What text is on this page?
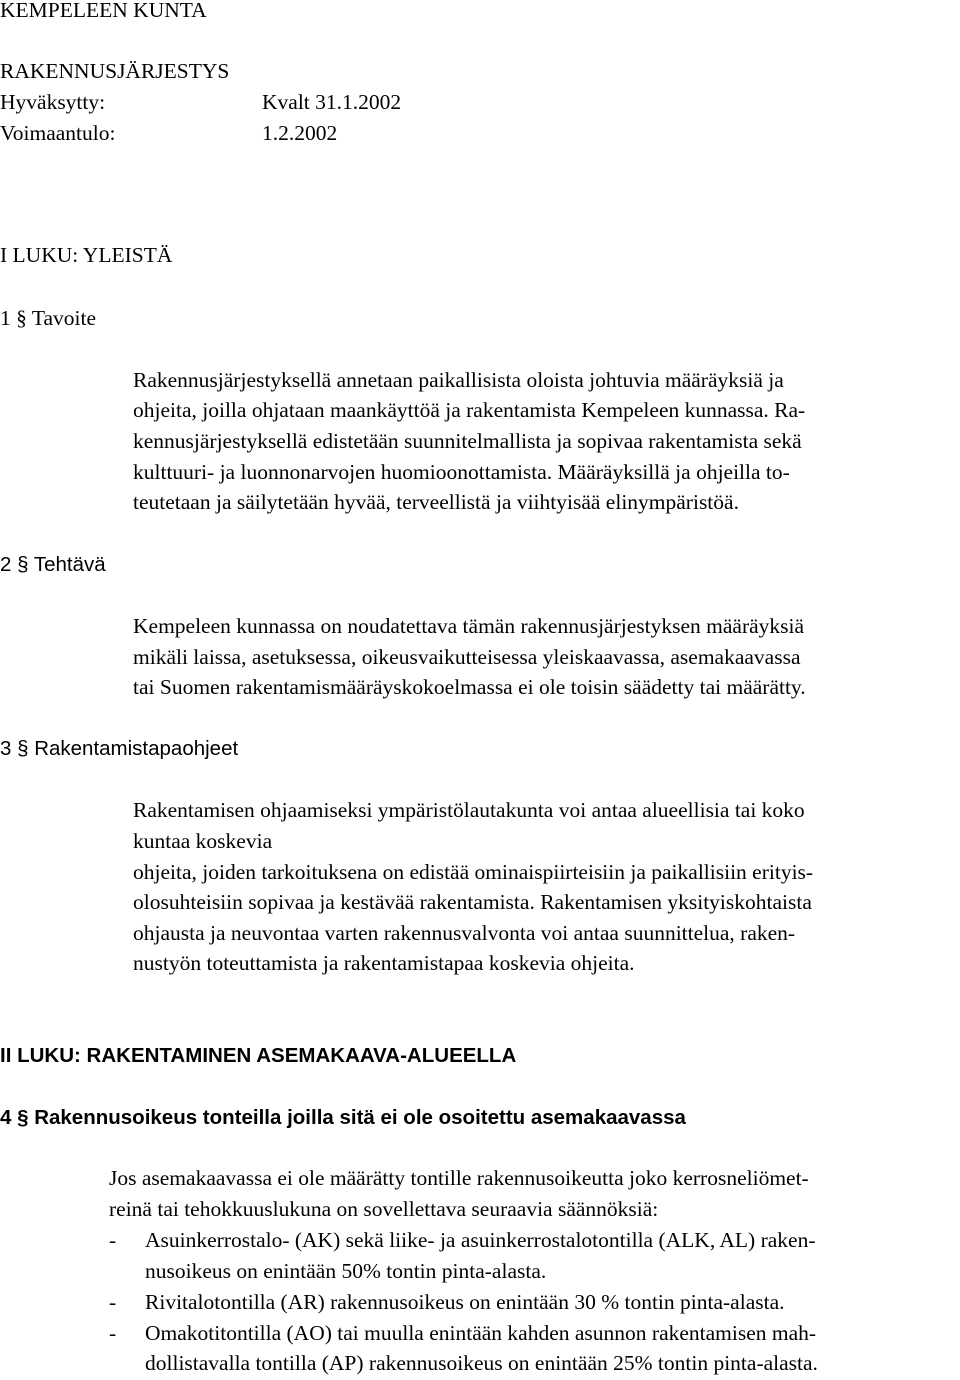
KEMPELEEN KUNTA
RAKENNUSJÄRJESTYS
Hyväksytty:	Kvalt 31.1.2002
Voimaantulo:	1.2.2002
I LUKU: YLEISTÄ
1 § Tavoite
Rakennusjärjestyksellä annetaan paikallisista oloista johtuvia määräyksiä ja
ohjeita, joilla ohjataan maankäyttöä ja rakentamista Kempeleen kunnassa. Ra-
kennusjärjestyksellä edistetään suunnitelmallista ja sopivaa rakentamista sekä
kulttuuri- ja luonnonarvojen huomioonottamista. Määräyksillä ja ohjeilla to-
teutetaan ja säilytetään hyvää, terveellistä ja viihtyisää elinympäristöä.
2 § Tehtävä
Kempeleen kunnassa on noudatettava tämän rakennusjärjestyksen määräyksiä
mikäli laissa, asetuksessa, oikeusvaikutteisessa yleiskaavassa, asemakaavassa
tai Suomen rakentamismääräyskokoelmassa ei ole toisin säädetty tai määrätty.
3 § Rakentamistapaohjeet
Rakentamisen ohjaamiseksi ympäristölautakunta voi antaa alueellisia tai koko
kuntaa koskevia
ohjeita, joiden tarkoituksena on edistää ominaispiirteisiin ja paikallisiin erityis-
olosuhteisiin sopivaa ja kestävää rakentamista. Rakentamisen yksityiskohtaista
ohjausta ja neuvontaa varten rakennusvalvonta voi antaa suunnittelua, raken-
nustyön toteuttamista ja rakentamistapaa koskevia ohjeita.
II LUKU: RAKENTAMINEN ASEMAKAAVA-ALUEELLA
4 § Rakennusoikeus tonteilla joilla sitä ei ole osoitettu asemakaavassa
Jos asemakaavassa ei ole määrätty tontille rakennusoikeutta joko kerrosneliömet-
reinä tai tehokkuuslukuna on sovellettava seuraavia säännöksiä:
- Asuinkerrostalo- (AK) sekä liike- ja asuinkerrostalotontilla (ALK, AL) raken-
nusoikeus on enintään 50% tontin pinta-alasta.
- Rivitalotontilla (AR) rakennusoikeus on enintään 30 % tontin pinta-alasta.
- Omakotitontilla (AO) tai muulla enintään kahden asunnon rakentamisen mah-
dollistavalla tontilla (AP) rakennusoikeus on enintään 25% tontin pinta-alasta.
